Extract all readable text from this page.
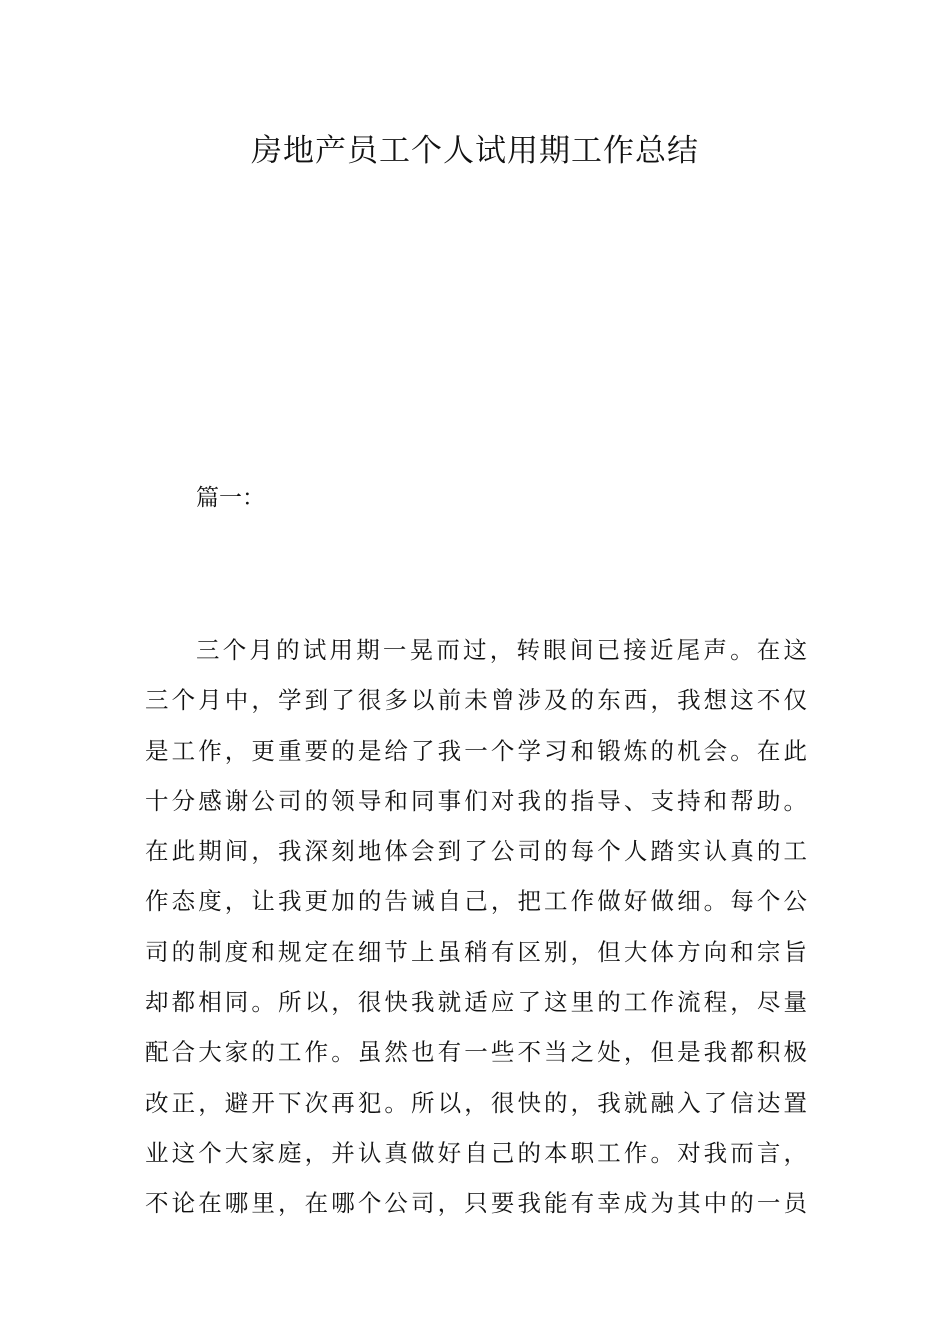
房地产员工个人试用期工作总结
篇一：
三个月的试用期一晃而过，转眼间已接近尾声。在这
三个月中，学到了很多以前未曾涉及的东西，我想这不仅
是工作，更重要的是给了我一个学习和锻炼的机会。在此
十分感谢公司的领导和同事们对我的指导、支持和帮助。
在此期间，我深刻地体会到了公司的每个人踏实认真的工
作态度，让我更加的告诫自己，把工作做好做细。每个公
司的制度和规定在细节上虽稍有区别，但大体方向和宗旨
却都相同。所以，很快我就适应了这里的工作流程，尽量
配合大家的工作。虽然也有一些不当之处，但是我都积极
改正，避开下次再犯。所以，很快的，我就融入了信达置
业这个大家庭，并认真做好自己的本职工作。对我而言，
不论在哪里，在哪个公司，只要我能有幸成为其中的一员
